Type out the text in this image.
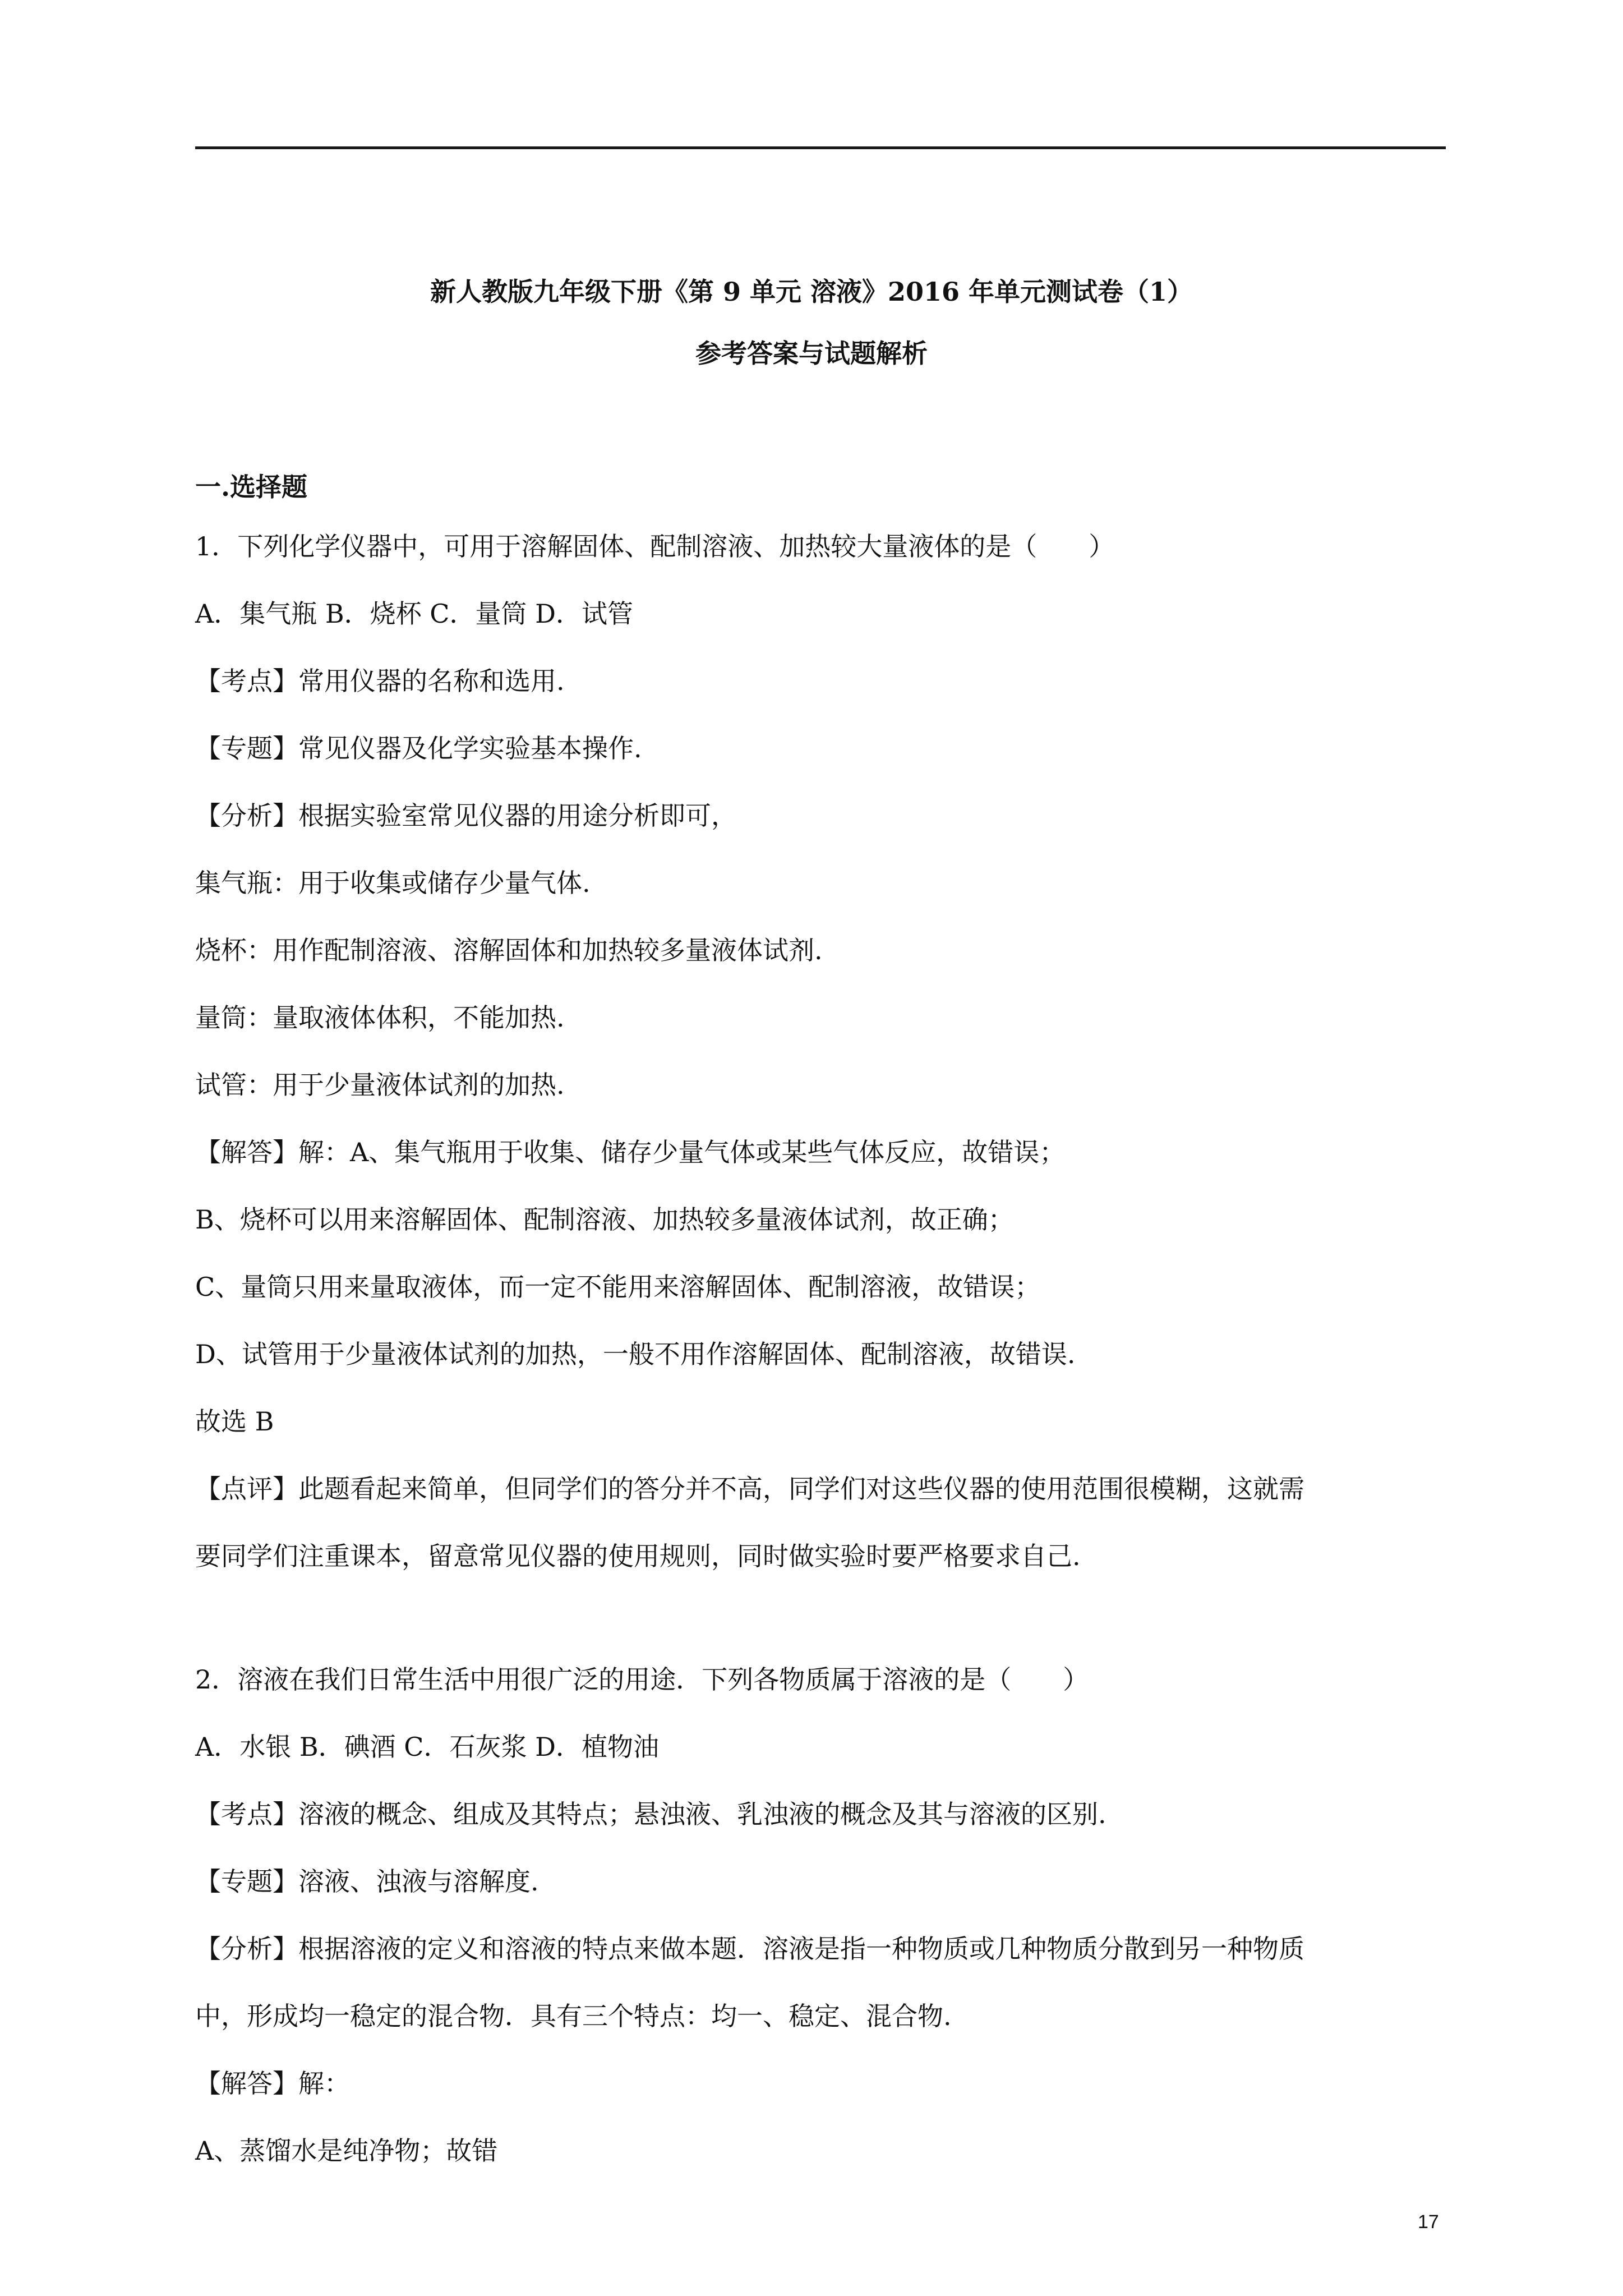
新人教版九年级下册《第 9 单元 溶液》2016 年单元测试卷（1）
参考答案与试题解析
一.选择题
1．下列化学仪器中，可用于溶解固体、配制溶液、加热较大量液体的是（　　）
A．集气瓶 B．烧杯 C．量筒 D．试管
【考点】常用仪器的名称和选用.
【专题】常见仪器及化学实验基本操作.
【分析】根据实验室常见仪器的用途分析即可，
集气瓶：用于收集或储存少量气体.
烧杯：用作配制溶液、溶解固体和加热较多量液体试剂.
量筒：量取液体体积，不能加热.
试管：用于少量液体试剂的加热.
【解答】解：A、集气瓶用于收集、储存少量气体或某些气体反应，故错误；
B、烧杯可以用来溶解固体、配制溶液、加热较多量液体试剂，故正确；
C、量筒只用来量取液体，而一定不能用来溶解固体、配制溶液，故错误；
D、试管用于少量液体试剂的加热，一般不用作溶解固体、配制溶液，故错误.
故选 B
【点评】此题看起来简单，但同学们的答分并不高，同学们对这些仪器的使用范围很模糊，这就需
要同学们注重课本，留意常见仪器的使用规则，同时做实验时要严格要求自己.
2．溶液在我们日常生活中用很广泛的用途．下列各物质属于溶液的是（　　）
A．水银 B．碘酒 C．石灰浆 D．植物油
【考点】溶液的概念、组成及其特点；悬浊液、乳浊液的概念及其与溶液的区别.
【专题】溶液、浊液与溶解度.
【分析】根据溶液的定义和溶液的特点来做本题．溶液是指一种物质或几种物质分散到另一种物质
中，形成均一稳定的混合物．具有三个特点：均一、稳定、混合物.
【解答】解：
A、蒸馏水是纯净物；故错
17
